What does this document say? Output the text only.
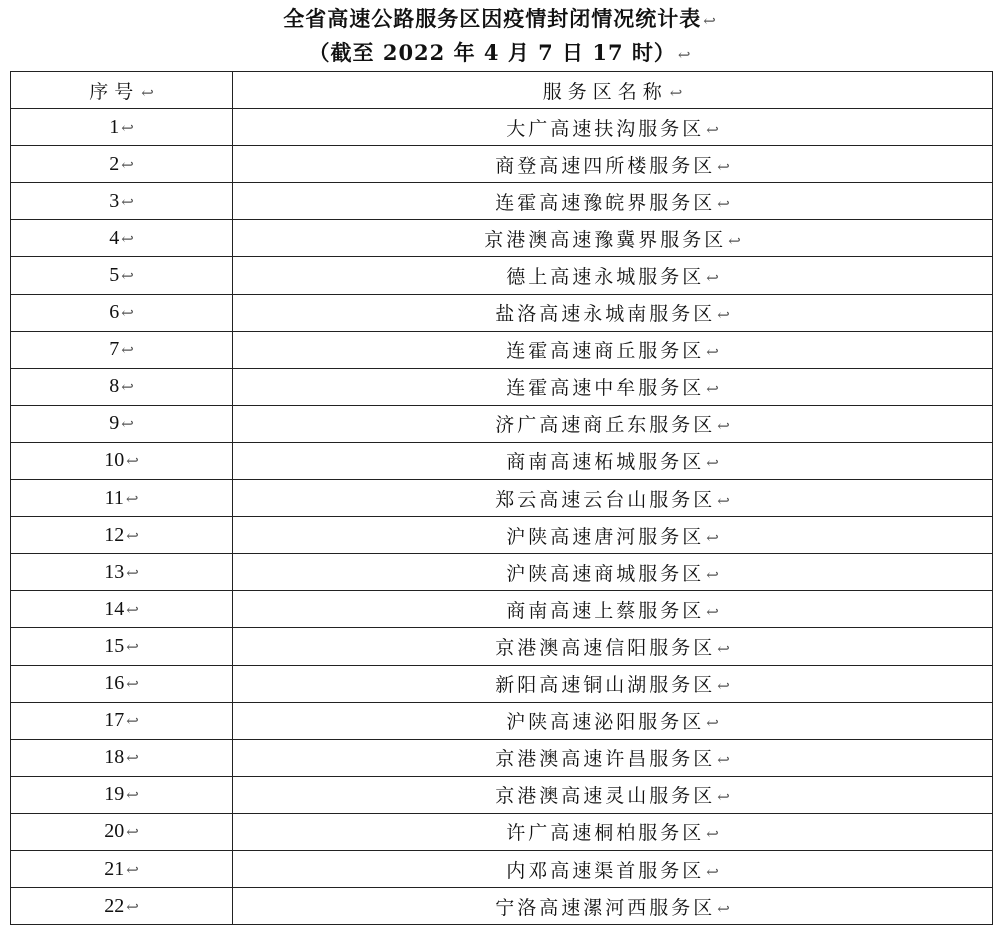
全省高速公路服务区因疫情封闭情况统计表 ↩
（截至 2022 年 4 月 7 日 17 时） ↩
序号 ↩	服务区名称 ↩
1 ↩	大广高速扶沟服务区 ↩
2 ↩	商登高速四所楼服务区 ↩
3 ↩	连霍高速豫皖界服务区 ↩
4 ↩	京港澳高速豫冀界服务区 ↩
5 ↩	德上高速永城服务区 ↩
6 ↩	盐洛高速永城南服务区 ↩
7 ↩	连霍高速商丘服务区 ↩
8 ↩	连霍高速中牟服务区 ↩
9 ↩	济广高速商丘东服务区 ↩
10 ↩	商南高速柘城服务区 ↩
11 ↩	郑云高速云台山服务区 ↩
12 ↩	沪陕高速唐河服务区 ↩
13 ↩	沪陕高速商城服务区 ↩
14 ↩	商南高速上蔡服务区 ↩
15 ↩	京港澳高速信阳服务区 ↩
16 ↩	新阳高速铜山湖服务区 ↩
17 ↩	沪陕高速泌阳服务区 ↩
18 ↩	京港澳高速许昌服务区 ↩
19 ↩	京港澳高速灵山服务区 ↩
20 ↩	许广高速桐柏服务区 ↩
21 ↩	内邓高速渠首服务区 ↩
22 ↩	宁洛高速漯河西服务区 ↩
